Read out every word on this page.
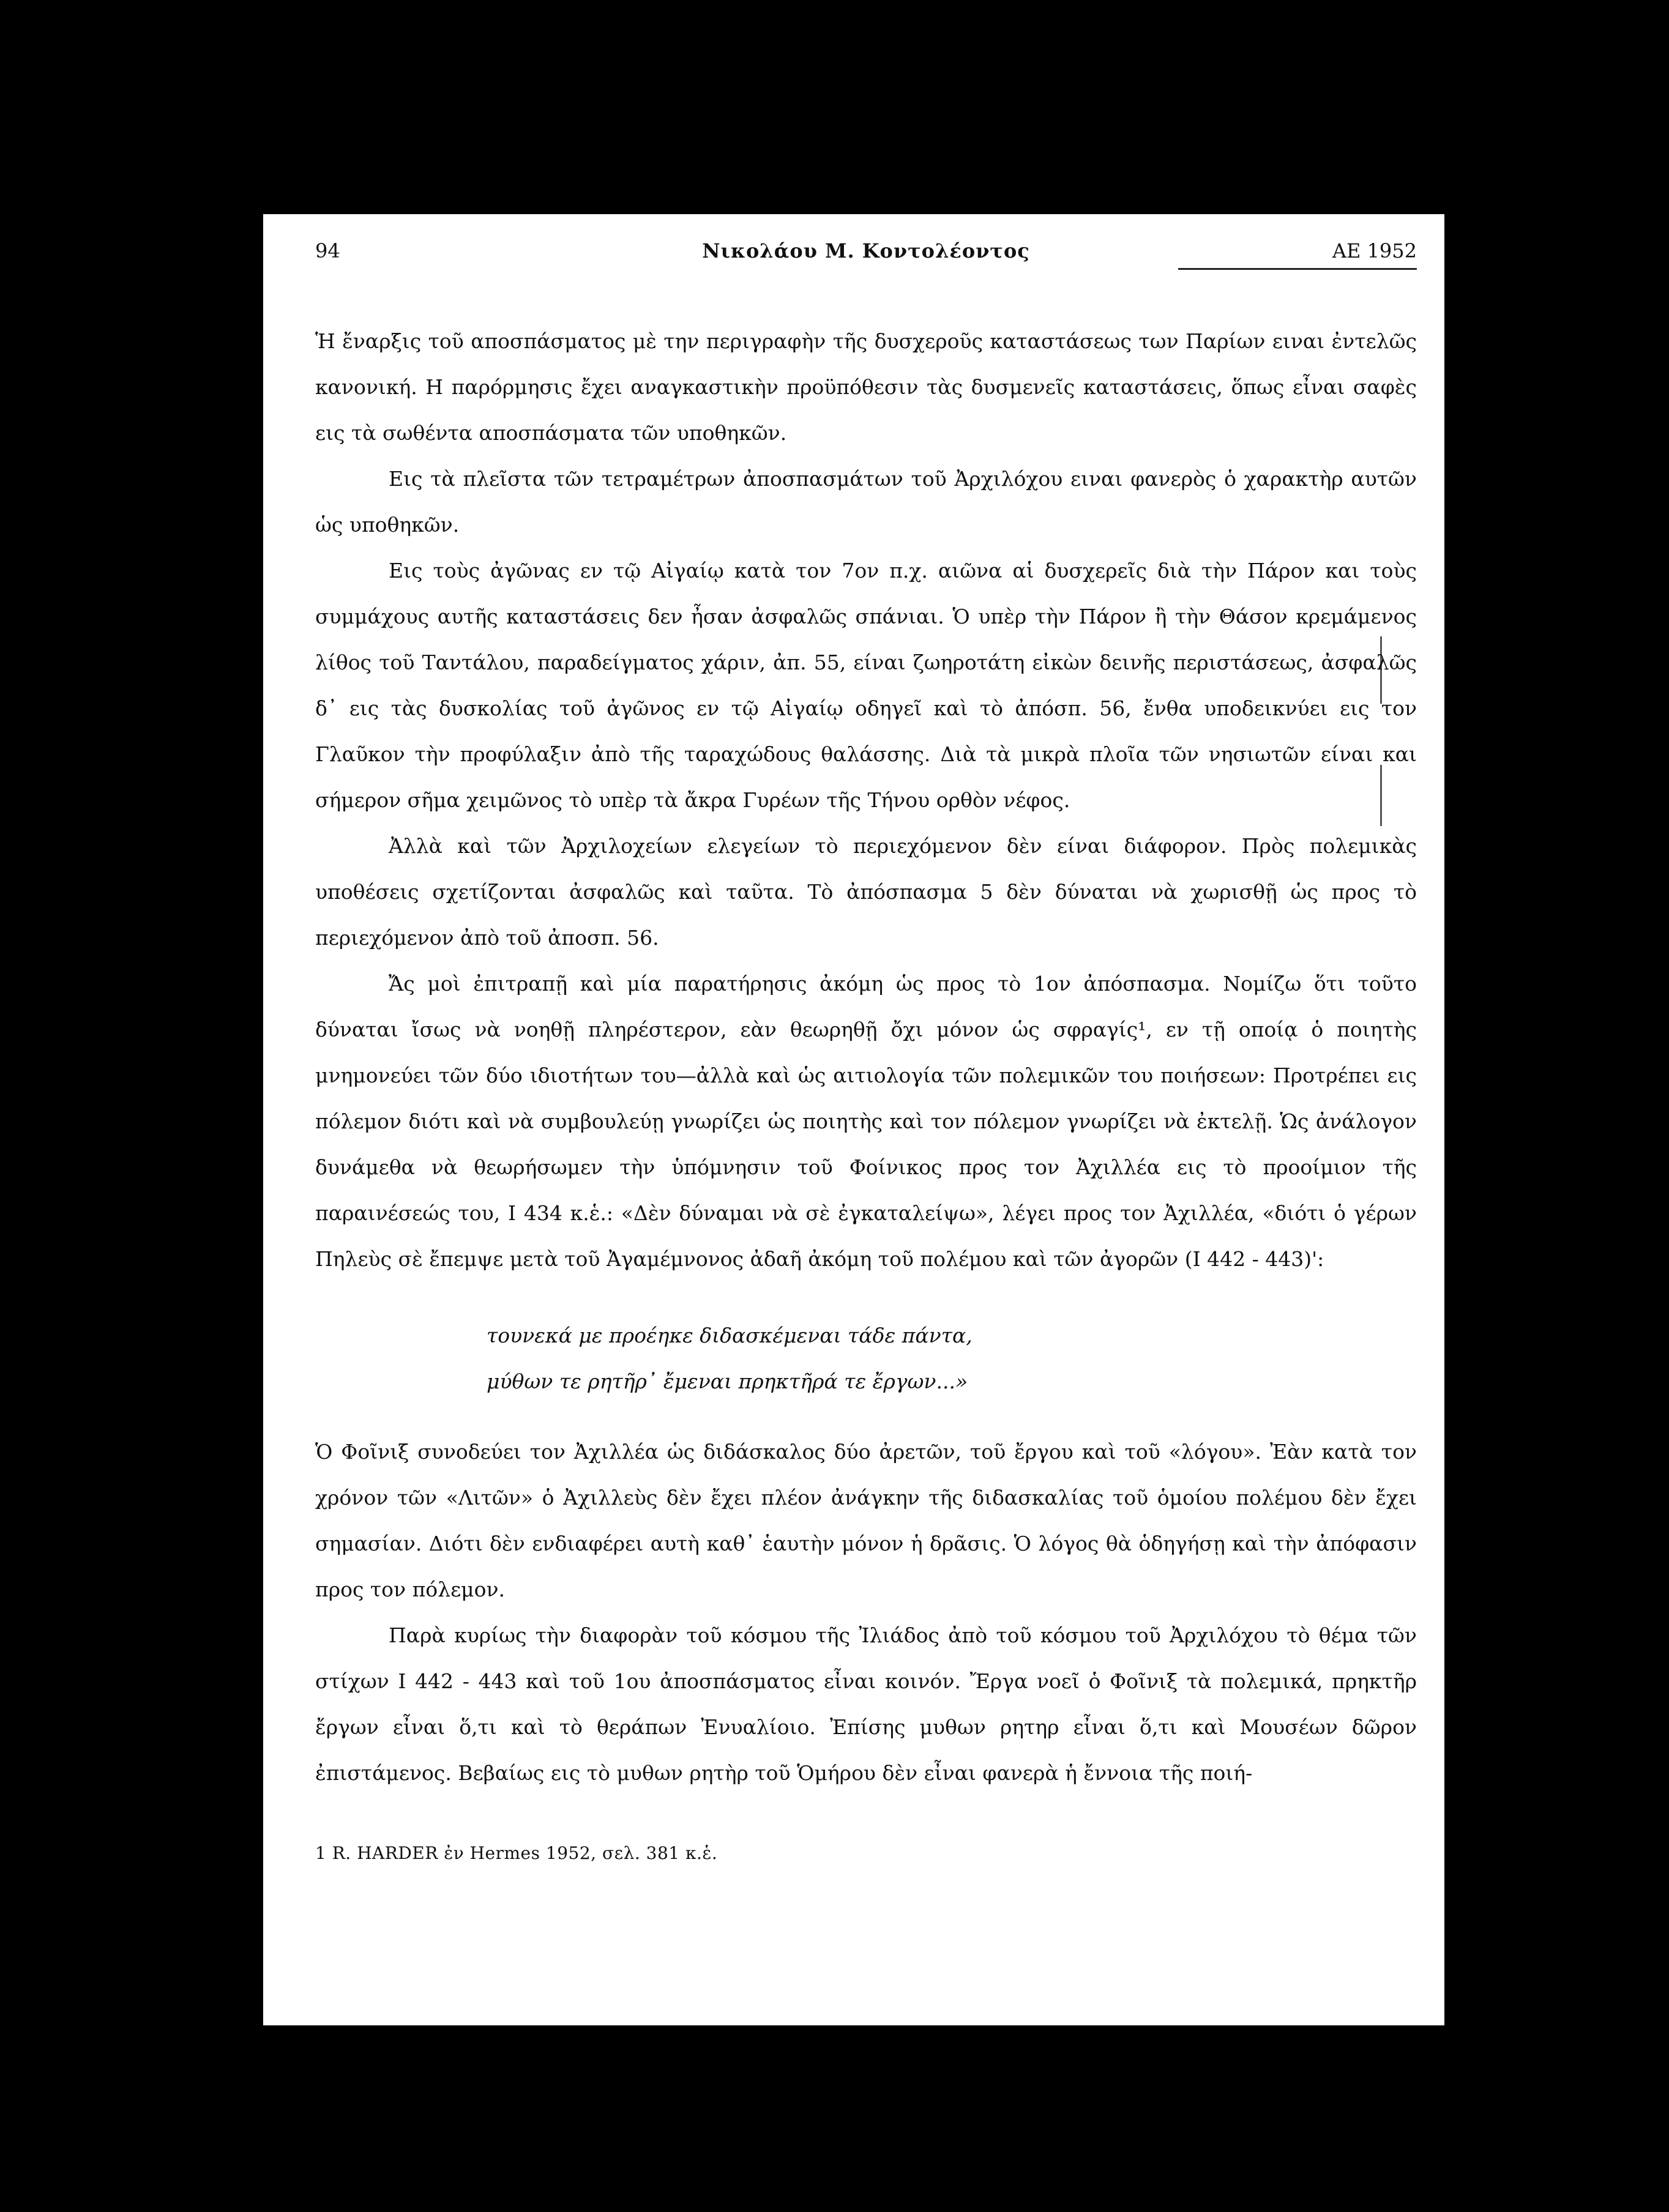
94	Νικολάου Μ. Κοντολέοντος	ΑΕ 1952

Ἡ ἔναρξις τοῦ αποσπάσματος μὲ την περιγραφὴν τῆς δυσχεροῦς καταστάσεως των Παρίων ειναι ἐντελῶς κανονική. Η παρόρμησις ἔχει αναγκαστικὴν προϋπόθεσιν τὰς δυσμενεῖς καταστάσεις, ὅπως εἶναι σαφὲς εις τὰ σωθέντα αποσπάσματα τῶν υποθηκῶν.

Εις τὰ πλεῖστα τῶν τετραμέτρων ἀποσπασμάτων τοῦ Ἀρχιλόχου ειναι φανερὸς ὁ χαρακτὴρ αυτῶν ὡς υποθηκῶν.

Εις τοὺς ἀγῶνας εν τῷ Αἰγαίῳ κατὰ τον 7ον π.χ. αιῶνα αἱ δυσχερεῖς διὰ τὴν Πάρον και τοὺς συμμάχους αυτῆς καταστάσεις δεν ἦσαν ἀσφαλῶς σπάνιαι. Ὁ υπὲρ τὴν Πάρον ἢ τὴν Θάσον κρεμάμενος λίθος τοῦ Ταντάλου, παραδείγματος χάριν, ἀπ. 55, είναι ζωηροτάτη εἰκὼν δεινῆς περιστάσεως, ἀσφαλῶς δ᾽ εις τὰς δυσκολίας τοῦ ἀγῶνος εν τῷ Αἰγαίῳ οδηγεῖ καὶ τὸ ἀπόσπ. 56, ἔνθα υποδεικνύει εις τον Γλαῦκον τὴν προφύλαξιν ἀπὸ τῆς ταραχώδους θαλάσσης. Διὰ τὰ μικρὰ πλοῖα τῶν νησιωτῶν είναι και σήμερον σῆμα χειμῶνος τὸ υπὲρ τὰ ἄκρα Γυρέων τῆς Τήνου ορθὸν νέφος.

Ἀλλὰ καὶ τῶν Ἀρχιλοχείων ελεγείων τὸ περιεχόμενον δὲν είναι διάφορον. Πρὸς πολεμικὰς υποθέσεις σχετίζονται ἀσφαλῶς καὶ ταῦτα. Τὸ ἀπόσπασμα 5 δὲν δύναται νὰ χωρισθῇ ὡς προς τὸ περιεχόμενον ἀπὸ τοῦ ἀποσπ. 56.

Ἄς μοὶ ἐπιτραπῇ καὶ μία παρατήρησις ἀκόμη ὡς προς τὸ 1ον ἀπόσπασμα. Νομίζω ὅτι τοῦτο δύναται ἴσως νὰ νοηθῇ πληρέστερον, εὰν θεωρηθῇ ὄχι μόνον ὡς σφραγίς¹, εν τῇ οποίᾳ ὁ ποιητὴς μνημονεύει τῶν δύο ιδιοτήτων του—ἀλλὰ καὶ ὡς αιτιολογία τῶν πολεμικῶν του ποιήσεων: Προτρέπει εις πόλεμον διότι καὶ νὰ συμβουλεύῃ γνωρίζει ὡς ποιητὴς καὶ τον πόλεμον γνωρίζει νὰ ἐκτελῇ. Ὡς ἀνάλογον δυνάμεθα νὰ θεωρήσωμεν τὴν ὑπόμνησιν τοῦ Φοίνικος προς τον Ἀχιλλέα εις τὸ προοίμιον τῆς παραινέσεώς του, Ι 434 κ.ἑ.: «Δὲν δύναμαι νὰ σὲ ἐγκαταλείψω», λέγει προς τον Ἀχιλλέα, «διότι ὁ γέρων Πηλεὺς σὲ ἔπεμψε μετὰ τοῦ Ἀγαμέμνονος ἀδαῆ ἀκόμη τοῦ πολέμου καὶ τῶν ἀγορῶν (Ι 442 - 443)':

τουνεκά με προέηκε διδασκέμεναι τάδε πάντα,
μύθων τε ρητῆρ᾽ ἔμεναι πρηκτῆρά τε ἔργων...»

Ὁ Φοῖνιξ συνοδεύει τον Ἀχιλλέα ὡς διδάσκαλος δύο ἀρετῶν, τοῦ ἔργου καὶ τοῦ «λόγου». Ἐὰν κατὰ τον χρόνον τῶν «Λιτῶν» ὁ Ἀχιλλεὺς δὲν ἔχει πλέον ἀνάγκην τῆς διδασκαλίας τοῦ ὁμοίου πολέμου δὲν ἔχει σημασίαν. Διότι δὲν ενδιαφέρει αυτὴ καθ᾽ ἑαυτὴν μόνον ἡ δρᾶσις. Ὁ λόγος θὰ ὁδηγήσῃ καὶ τὴν ἀπόφασιν προς τον πόλεμον.

Παρὰ κυρίως τὴν διαφορὰν τοῦ κόσμου τῆς Ἰλιάδος ἀπὸ τοῦ κόσμου τοῦ Ἀρχιλόχου τὸ θέμα τῶν στίχων Ι 442 - 443 καὶ τοῦ 1ου ἀποσπάσματος εἶναι κοινόν. Ἔργα νοεῖ ὁ Φοῖνιξ τὰ πολεμικά, πρηκτῆρ ἔργων εἶναι ὅ,τι καὶ τὸ θεράπων Ἐνυαλίοιο. Ἐπίσης μυθων ρητηρ εἶναι ὅ,τι καὶ Μουσέων δῶρον ἐπιστάμενος. Βεβαίως εις τὸ μυθων ρητὴρ τοῦ Ὁμήρου δὲν εἶναι φανερὰ ἡ ἔννοια τῆς ποιή-

1 R. HARDER ἐν Hermes 1952, σελ. 381 κ.ἑ.
